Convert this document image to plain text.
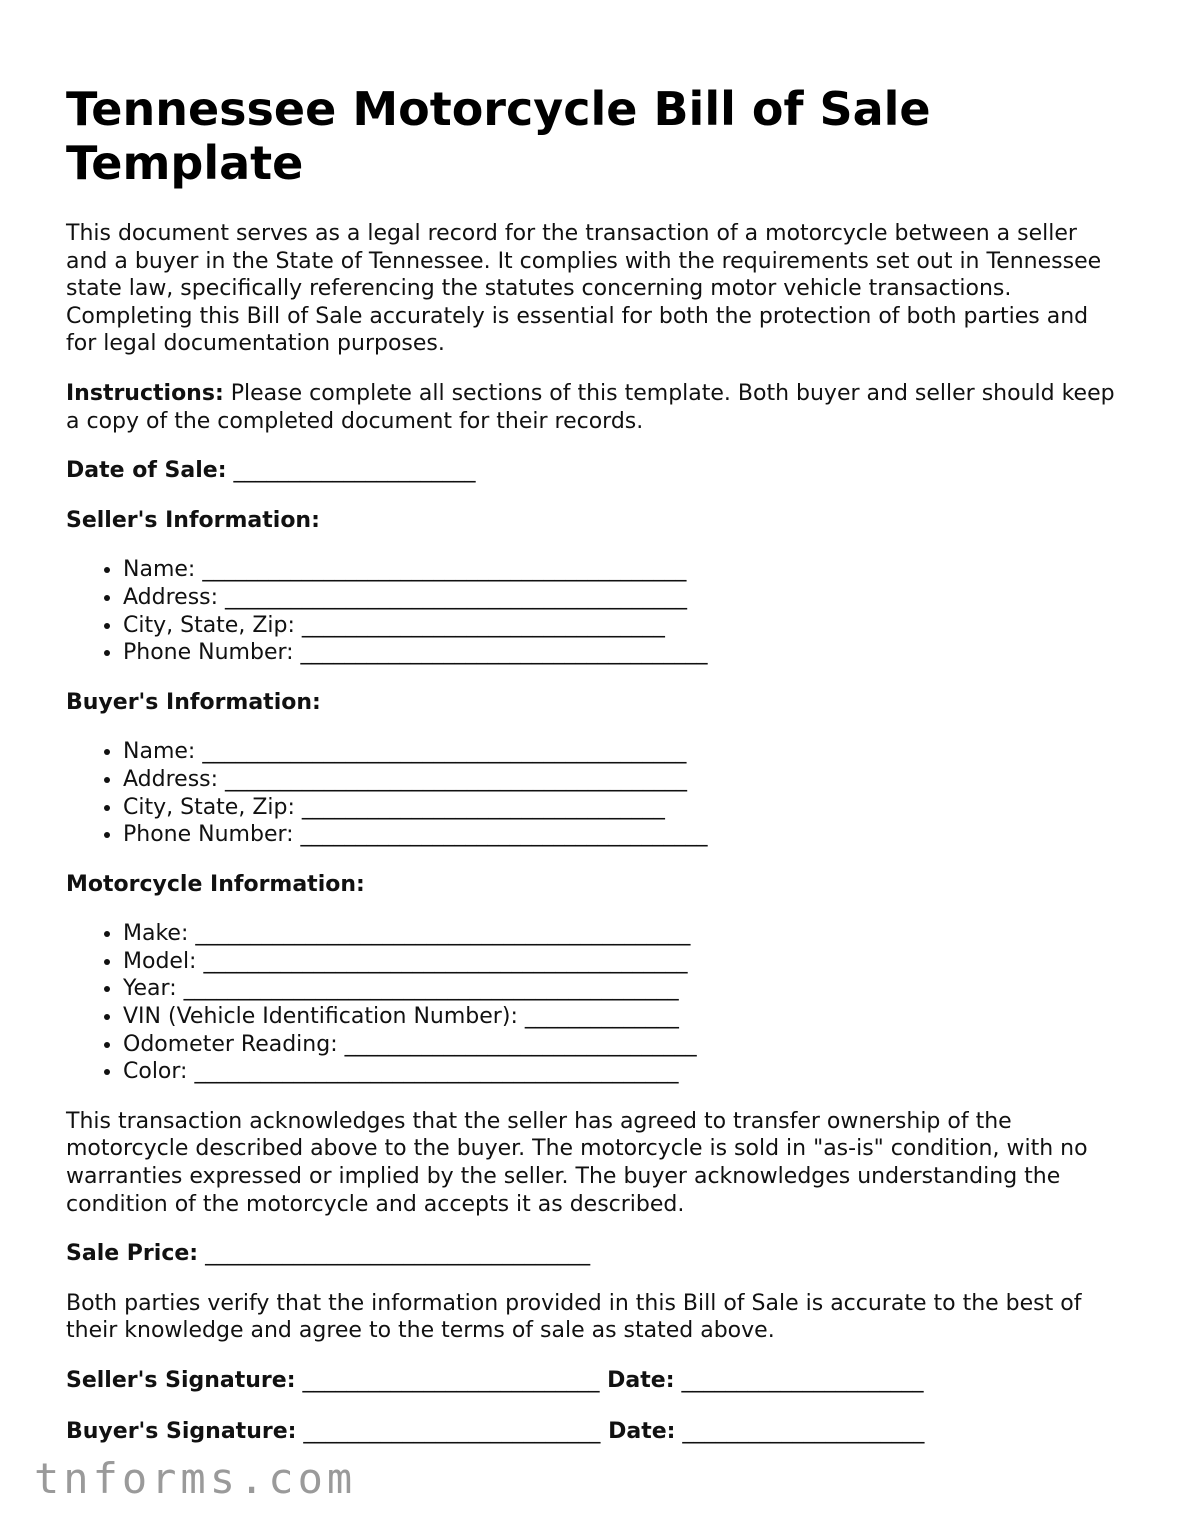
Tennessee Motorcycle Bill of Sale Template

This document serves as a legal record for the transaction of a motorcycle between a seller and a buyer in the State of Tennessee. It complies with the requirements set out in Tennessee state law, specifically referencing the statutes concerning motor vehicle transactions. Completing this Bill of Sale accurately is essential for both the protection of both parties and for legal documentation purposes.

Instructions: Please complete all sections of this template. Both buyer and seller should keep a copy of the completed document for their records.

Date of Sale: ______________________
Seller's Information:
• Name: ____________________________________________
• Address: __________________________________________
• City, State, Zip: _________________________________
• Phone Number: _____________________________________
Buyer's Information:
• Name: ____________________________________________
• Address: __________________________________________
• City, State, Zip: _________________________________
• Phone Number: _____________________________________
Motorcycle Information:
• Make: _____________________________________________
• Model: ____________________________________________
• Year: _____________________________________________
• VIN (Vehicle Identification Number): ______________
• Odometer Reading: ________________________________
• Color: ____________________________________________

This transaction acknowledges that the seller has agreed to transfer ownership of the motorcycle described above to the buyer. The motorcycle is sold in "as-is" condition, with no warranties expressed or implied by the seller. The buyer acknowledges understanding the condition of the motorcycle and accepts it as described.

Sale Price: ___________________________________

Both parties verify that the information provided in this Bill of Sale is accurate to the best of their knowledge and agree to the terms of sale as stated above.

Seller's Signature: ___________________________ Date: ______________________
Buyer's Signature: ___________________________ Date: ______________________
tnforms.com
